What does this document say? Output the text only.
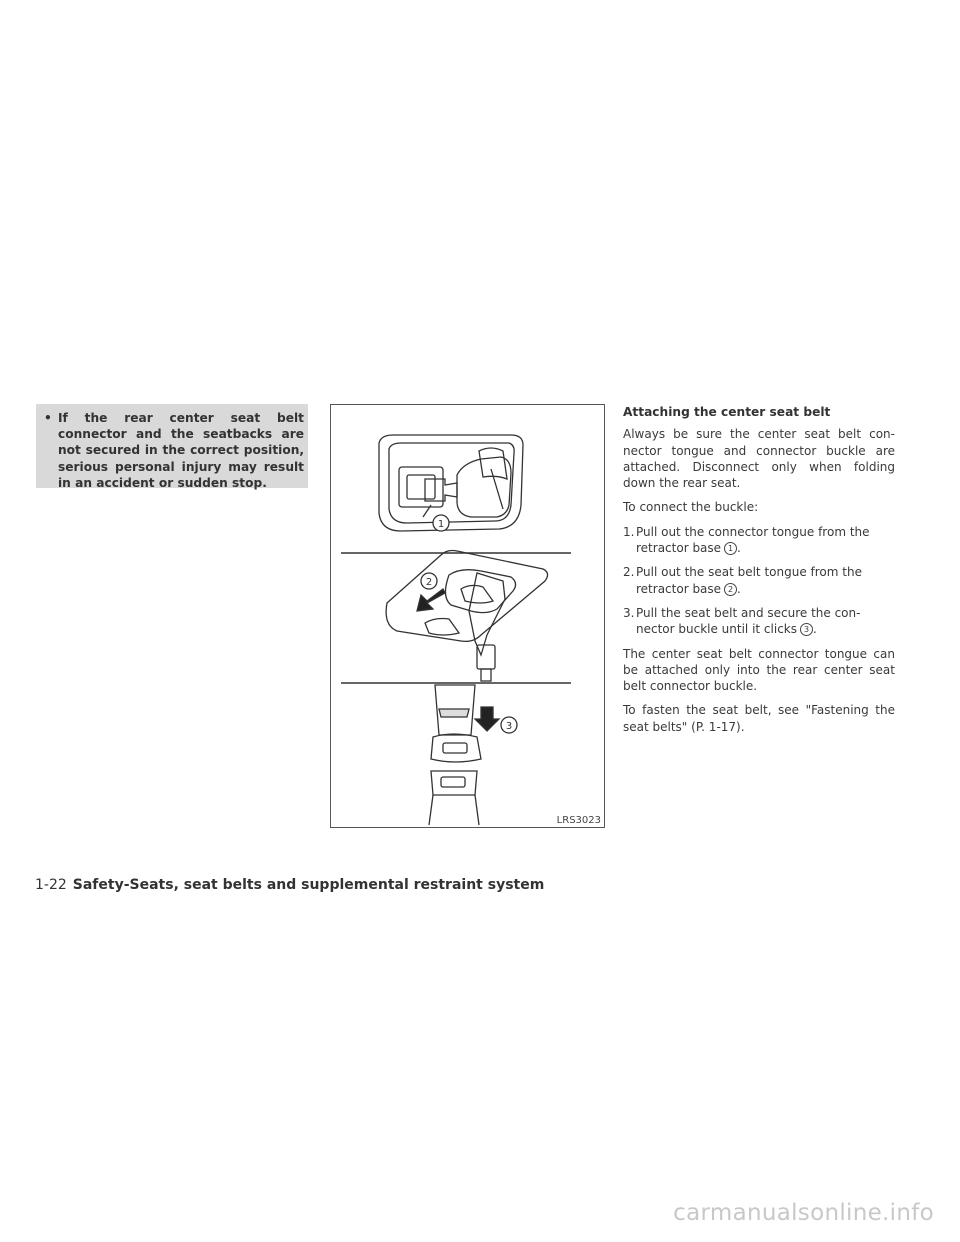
• If the rear center seat belt connector and the seatbacks are not secured in the correct position, serious personal injury may result in an accident or sudden stop.
1
2
3
LRS3023
Attaching the center seat belt

Always be sure the center seat belt con-nector tongue and connector buckle are attached. Disconnect only when folding down the rear seat.

To connect the buckle:

1. Pull out the connector tongue from the retractor base 1 .
2. Pull out the seat belt tongue from the retractor base 2 .
3. Pull the seat belt and secure the con-nector buckle until it clicks 3 .

The center seat belt connector tongue can be attached only into the rear center seat belt connector buckle.

To fasten the seat belt, see "Fastening the seat belts" (P. 1-17).

1-22 Safety-Seats, seat belts and supplemental restraint system
carmanualsonline.info
